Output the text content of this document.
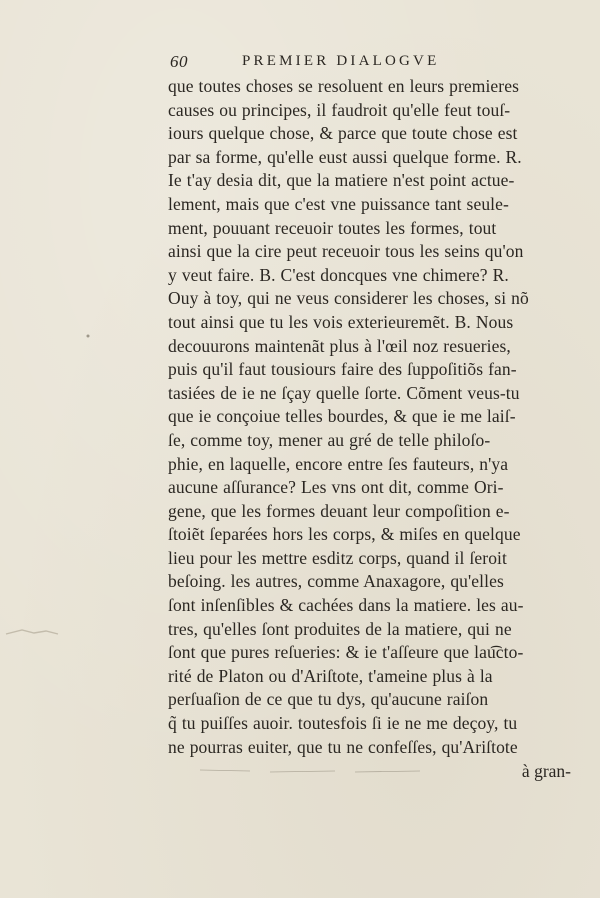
60	PREMIER DIALOGVE
que toutes choses se resoluent en leurs premieres
causes ou principes, il faudroit qu'elle feut touſ-
iours quelque chose, & parce que toute chose est
par sa forme, qu'elle eust aussi quelque forme. R.
Ie t'ay desia dit, que la matiere n'est point actue-
lement, mais que c'est vne puissance tant seule-
ment, pouuant receuoir toutes les formes, tout
ainsi que la cire peut receuoir tous les seins qu'on
y veut faire. B. C'est doncques vne chimere? R.
Ouy à toy, qui ne veus considerer les choses, si nõ
tout ainsi que tu les vois exterieuremẽt. B. Nous
decouurons maintenãt plus à l'œil noz resueries,
puis qu'il faut tousiours faire des ſuppoſitiõs fan-
tasiées de ie ne ſçay quelle ſorte. Cõment veus-tu
que ie conçoiue telles bourdes, & que ie me laiſ-
ſe, comme toy, mener au gré de telle philoſo-
phie, en laquelle, encore entre ſes fauteurs, n'ya
aucune aſſurance? Les vns ont dit, comme Ori-
gene, que les formes deuant leur compoſition e-
ſtoiẽt ſeparées hors les corps, & miſes en quelque
lieu pour les mettre esditz corps, quand il ſeroit
beſoing. les autres, comme Anaxagore, qu'elles
ſont inſenſibles & cachées dans la matiere. les au-
tres, qu'elles ſont produites de la matiere, qui ne
ſont que pures reſueries: & ie t'aſſeure que lau͡cto-
rité de Platon ou d'Ariſtote, t'ameine plus à la
perſuaſion de ce que tu dys, qu'aucune raiſon
q̃ tu puiſſes auoir. toutesfois ſi ie ne me deçoy, tu
ne pourras euiter, que tu ne confeſſes, qu'Ariſtote
à gran-
